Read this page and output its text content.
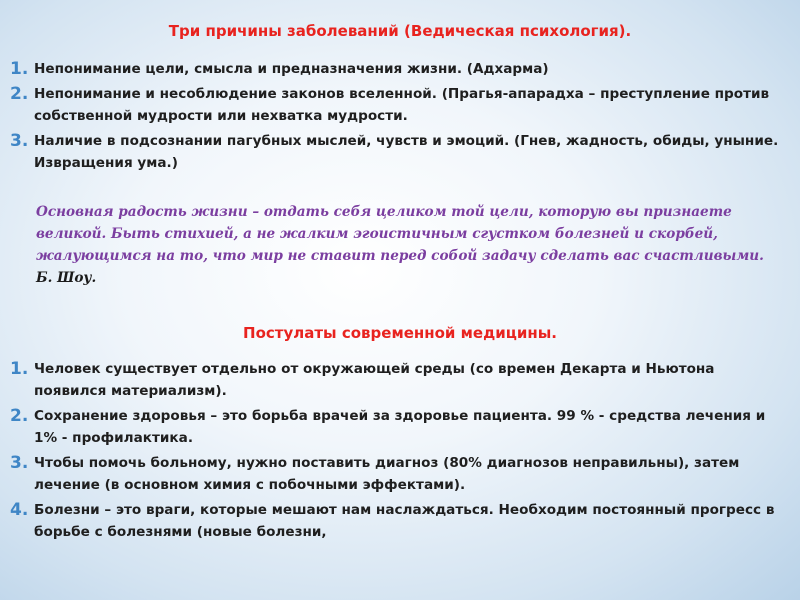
Три причины заболеваний (Ведическая психология).
1. Непонимание цели, смысла и предназначения жизни. (Адхарма)
2. Непонимание и несоблюдение законов вселенной. (Прагья-апарадха – преступление против собственной мудрости или нехватка мудрости.
3. Наличие в подсознании пагубных мыслей, чувств и эмоций. (Гнев, жадность, обиды, уныние. Извращения ума.)
Основная радость жизни – отдать себя целиком той цели, которую вы признаете великой. Быть стихией, а не жалким эгоистичным сгустком болезней и скорбей, жалующимся на то, что мир не ставит перед собой задачу сделать вас счастливыми. Б. Шоу.
Постулаты современной медицины.
1. Человек существует отдельно от окружающей среды (со времен Декарта и Ньютона появился материализм).
2. Сохранение здоровья – это борьба врачей за здоровье пациента. 99 % - средства лечения и 1% - профилактика.
3. Чтобы помочь больному, нужно поставить диагноз (80% диагнозов неправильны), затем лечение (в основном химия с побочными эффектами).
4. Болезни – это враги, которые мешают нам наслаждаться. Необходим постоянный прогресс в борьбе с болезнями (новые болезни,
